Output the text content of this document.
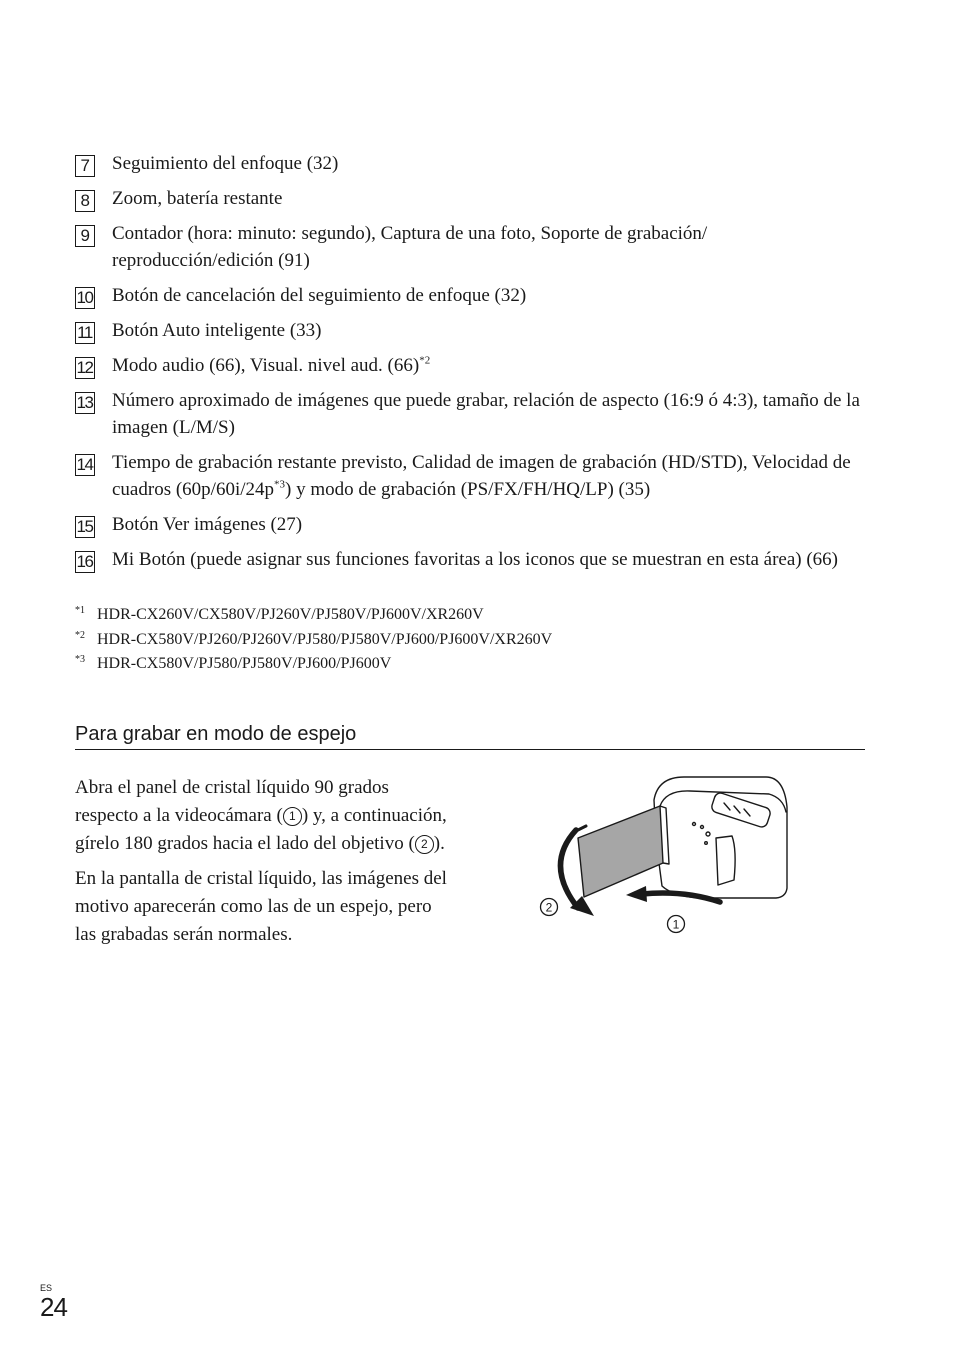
7	Seguimiento del enfoque (32)
8	Zoom, batería restante
9	Contador (hora: minuto: segundo), Captura de una foto, Soporte de grabación/ reproducción/edición (91)
10 Botón de cancelación del seguimiento de enfoque (32)
11 Botón Auto inteligente (33)
12 Modo audio (66), Visual. nivel aud. $(66)^{*2}$
13 Número aproximado de imágenes que puede grabar, relación de aspecto (16:9 ó 4:3), tamaño de la imagen (L/M/S)
14 Tiempo de grabación restante previsto, Calidad de imagen de grabación (HD/STD), Velocidad de cuadros $(60p/60i/24p^{*3})$ y modo de grabación (PS/FX/FH/HQ/LP) (35)
15 Botón Ver imágenes (27)
16 Mi Botón (puede asignar sus funciones favoritas a los iconos que se muestran en esta área) (66)
*1 HDR-CX260V/CX580V/PJ260V/PJ580V/PJ600V/XR260V
*2 HDR-CX580V/PJ260/PJ260V/PJ580/PJ580V/PJ600/PJ600V/XR260V
*3 HDR-CX580V/PJ580/PJ580V/PJ600/PJ600V
Para grabar en modo de espejo

Abra el panel de cristal líquido 90 grados respecto a la videocámara ( 1 ) y, a continuación, gírelo 180 grados hacia el lado del objetivo ( 2 ).

En la pantalla de cristal líquido, las imágenes del motivo aparecerán como las de un espejo, pero las grabadas serán normales.

2
1
ES
24
